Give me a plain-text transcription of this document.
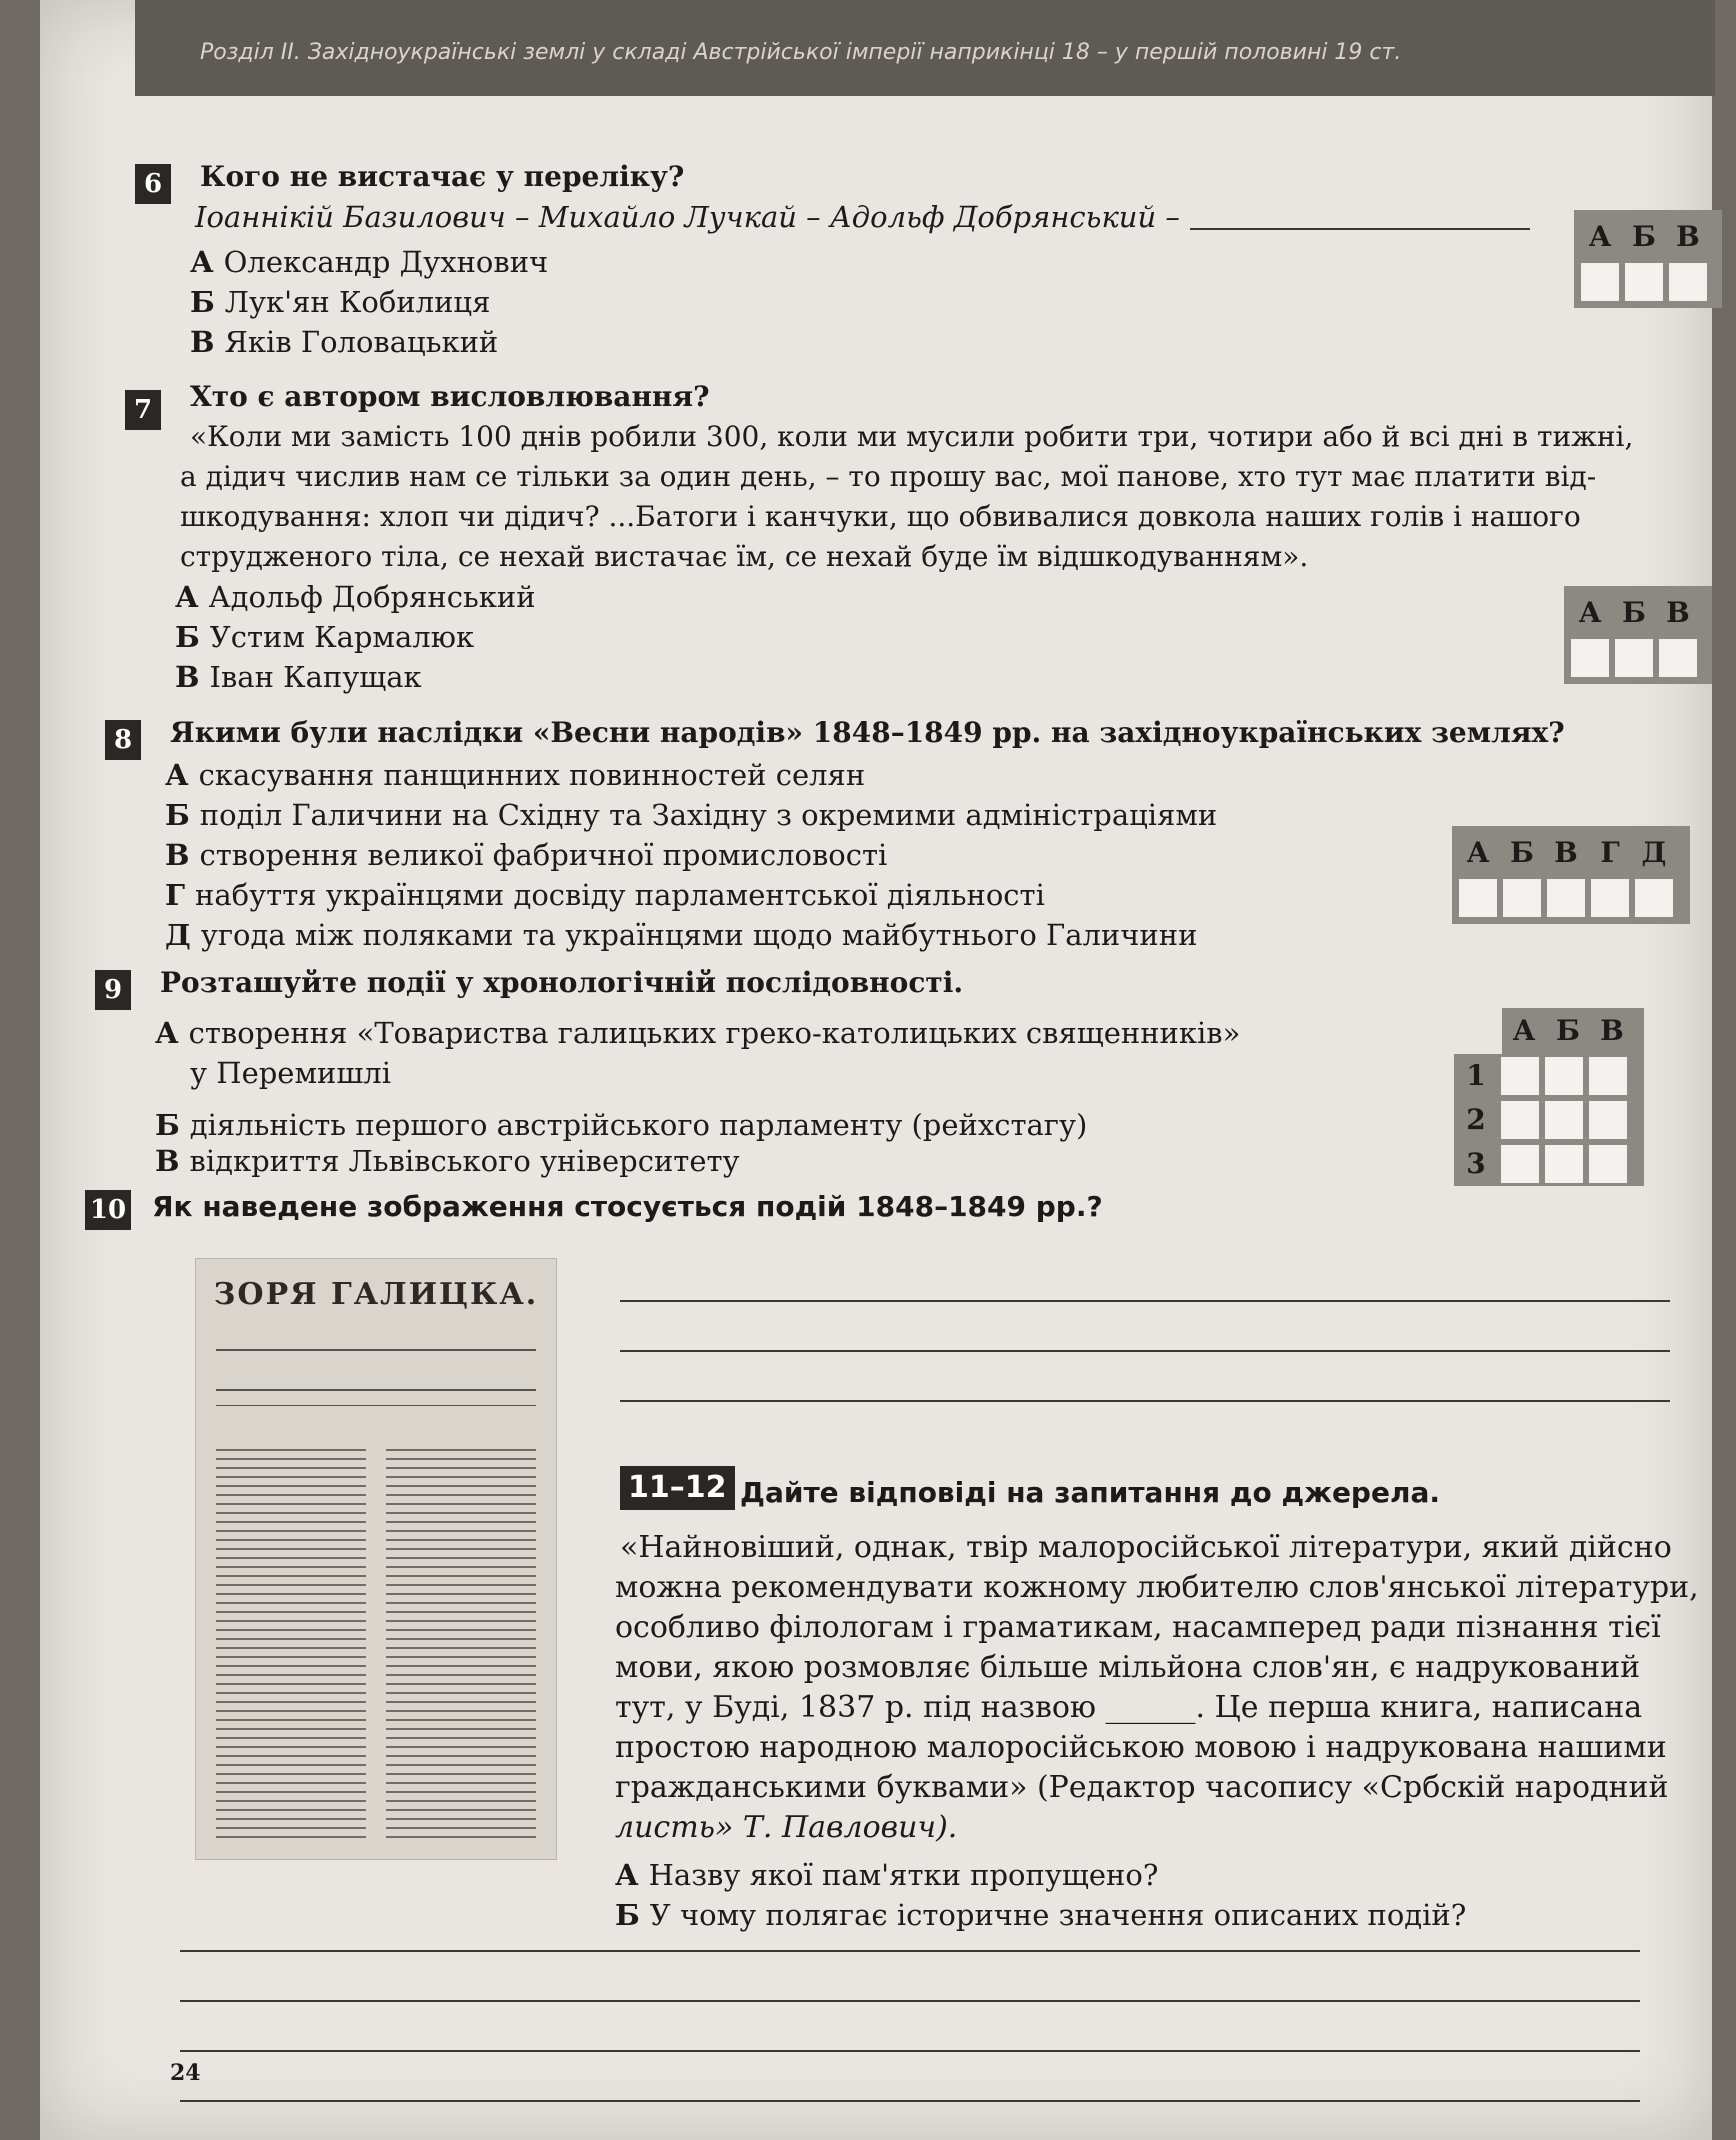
Розділ II. Західноукраїнські землі у складі Австрійської імперії наприкінці 18 – у першій половині 19 ст.
6	Кого не вистачає у переліку?
Іоаннікій Базилович – Михайло Лучкай – Адольф Добрянський –
А Олександр Духнович
Б Лук'ян Кобилиця
В Яків Головацький
А Б В
7	Хто є автором висловлювання?
«Коли ми замість 100 днів робили 300, коли ми мусили робити три, чотири або й всі дні в тижні,
а дідич числив нам се тільки за один день, – то прошу вас, мої панове, хто тут має платити від-
шкодування: хлоп чи дідич? ...Батоги і канчуки, що обвивалися довкола наших голів і нашого
струдженого тіла, се нехай вистачає їм, се нехай буде їм відшкодуванням».
А Адольф Добрянський
Б Устим Кармалюк
В Іван Капущак
А Б В
8	Якими були наслідки «Весни народів» 1848–1849 рр. на західноукраїнських землях?
А скасування панщинних повинностей селян
Б поділ Галичини на Східну та Західну з окремими адміністраціями
В створення великої фабричної промисловості
Г набуття українцями досвіду парламентської діяльності
Д угода між поляками та українцями щодо майбутнього Галичини
А Б В Г Д
9	Розташуйте події у хронологічній послідовності.
А створення «Товариства галицьких греко-католицьких священників»
у Перемишлі
Б діяльність першого австрійського парламенту (рейхстагу)
В відкриття Львівського університету
А Б В
1
2
3
10 Як наведене зображення стосується подій 1848–1849 рр.?
ЗОРЯ ГАЛИЦКА.
11–12 Дайте відповіді на запитання до джерела.
«Найновіший, однак, твір малоросійської літератури, який дійсно
можна рекомендувати кожному любителю слов'янської літератури,
особливо філологам і граматикам, насамперед ради пізнання тієї
мови, якою розмовляє більше мільйона слов'ян, є надрукований
тут, у Буді, 1837 р. під назвою ______. Це перша книга, написана
простою народною малоросійською мовою і надрукована нашими
гражданськими буквами» (Редактор часопису «Србскій народний
листь» Т. Павлович).
А Назву якої пам'ятки пропущено?
Б У чому полягає історичне значення описаних подій?
24
